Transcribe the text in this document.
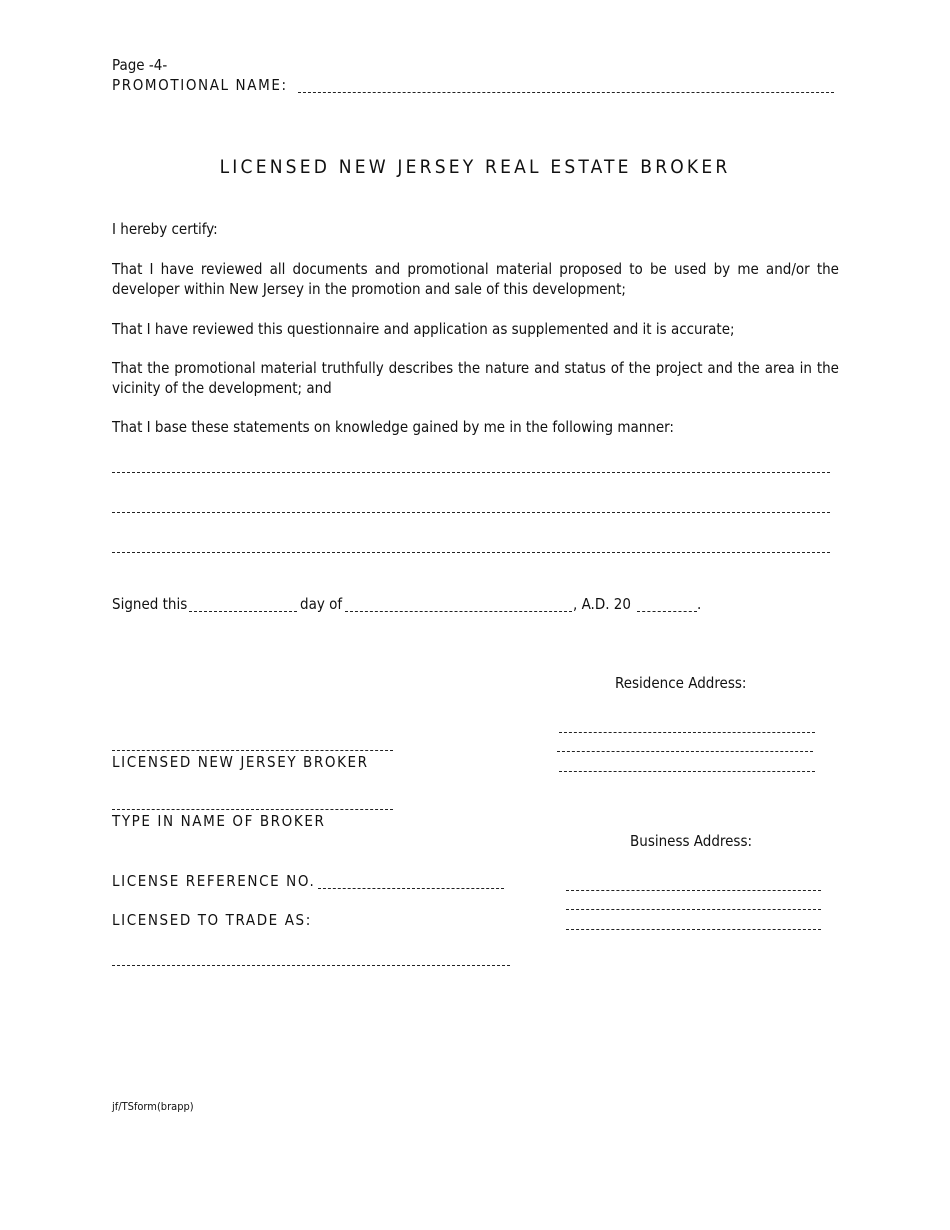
Page -4-
PROMOTIONAL NAME:
LICENSED NEW JERSEY REAL ESTATE BROKER
I hereby certify:
That I have reviewed all documents and promotional material proposed to be used by me and/or the developer within New Jersey in the promotion and sale of this development;
That I have reviewed this questionnaire and application as supplemented and it is accurate;
That the promotional material truthfully describes the nature and status of the project and the area in the vicinity of the development; and
That I base these statements on knowledge gained by me in the following manner:
Signed this	day of	, A.D. 20	.
Residence Address:
LICENSED NEW JERSEY BROKER
TYPE IN NAME OF BROKER
Business Address:
LICENSE REFERENCE NO.
LICENSED TO TRADE AS:
jf/TSform(brapp)
